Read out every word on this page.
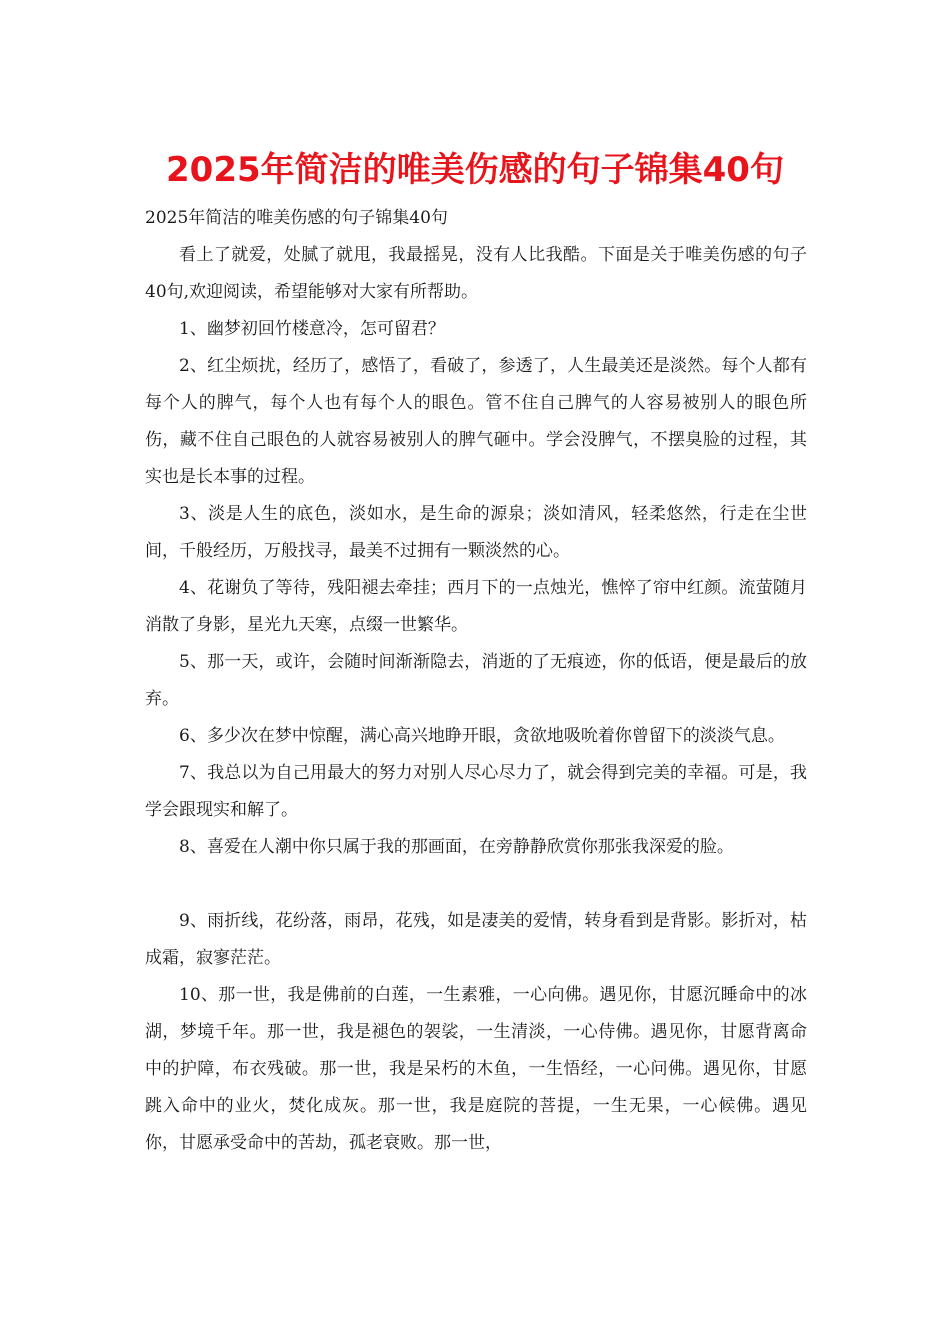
2025年简洁的唯美伤感的句子锦集40句

2025年简洁的唯美伤感的句子锦集40句

看上了就爱，处腻了就甩，我最摇晃，没有人比我酷。下面是关于唯美伤感的句子40句,欢迎阅读，希望能够对大家有所帮助。

1、幽梦初回竹楼意冷，怎可留君？

2、红尘烦扰，经历了，感悟了，看破了，参透了，人生最美还是淡然。每个人都有每个人的脾气，每个人也有每个人的眼色。管不住自己脾气的人容易被别人的眼色所伤，藏不住自己眼色的人就容易被别人的脾气砸中。学会没脾气，不摆臭脸的过程，其实也是长本事的过程。

3、淡是人生的底色，淡如水，是生命的源泉；淡如清风，轻柔悠然，行走在尘世间，千般经历，万般找寻，最美不过拥有一颗淡然的心。

4、花谢负了等待，残阳褪去牵挂；西月下的一点烛光，憔悴了帘中红颜。流萤随月消散了身影，星光九天寒，点缀一世繁华。

5、那一天，或许，会随时间渐渐隐去，消逝的了无痕迹，你的低语，便是最后的放弃。

6、多少次在梦中惊醒，满心高兴地睁开眼，贪欲地吸吮着你曾留下的淡淡气息。

7、我总以为自己用最大的努力对别人尽心尽力了，就会得到完美的幸福。可是，我学会跟现实和解了。

8、喜爱在人潮中你只属于我的那画面，在旁静静欣赏你那张我深爱的脸。

9、雨折线，花纷落，雨昂，花残，如是凄美的爱情，转身看到是背影。影折对，枯成霜，寂寥茫茫。

10、那一世，我是佛前的白莲，一生素雅，一心向佛。遇见你，甘愿沉睡命中的冰湖，梦境千年。那一世，我是褪色的袈裟，一生清淡，一心侍佛。遇见你，甘愿背离命中的护障，布衣残破。那一世，我是呆朽的木鱼，一生悟经，一心问佛。遇见你，甘愿跳入命中的业火，焚化成灰。那一世，我是庭院的菩提，一生无果，一心候佛。遇见你，甘愿承受命中的苦劫，孤老衰败。那一世，
